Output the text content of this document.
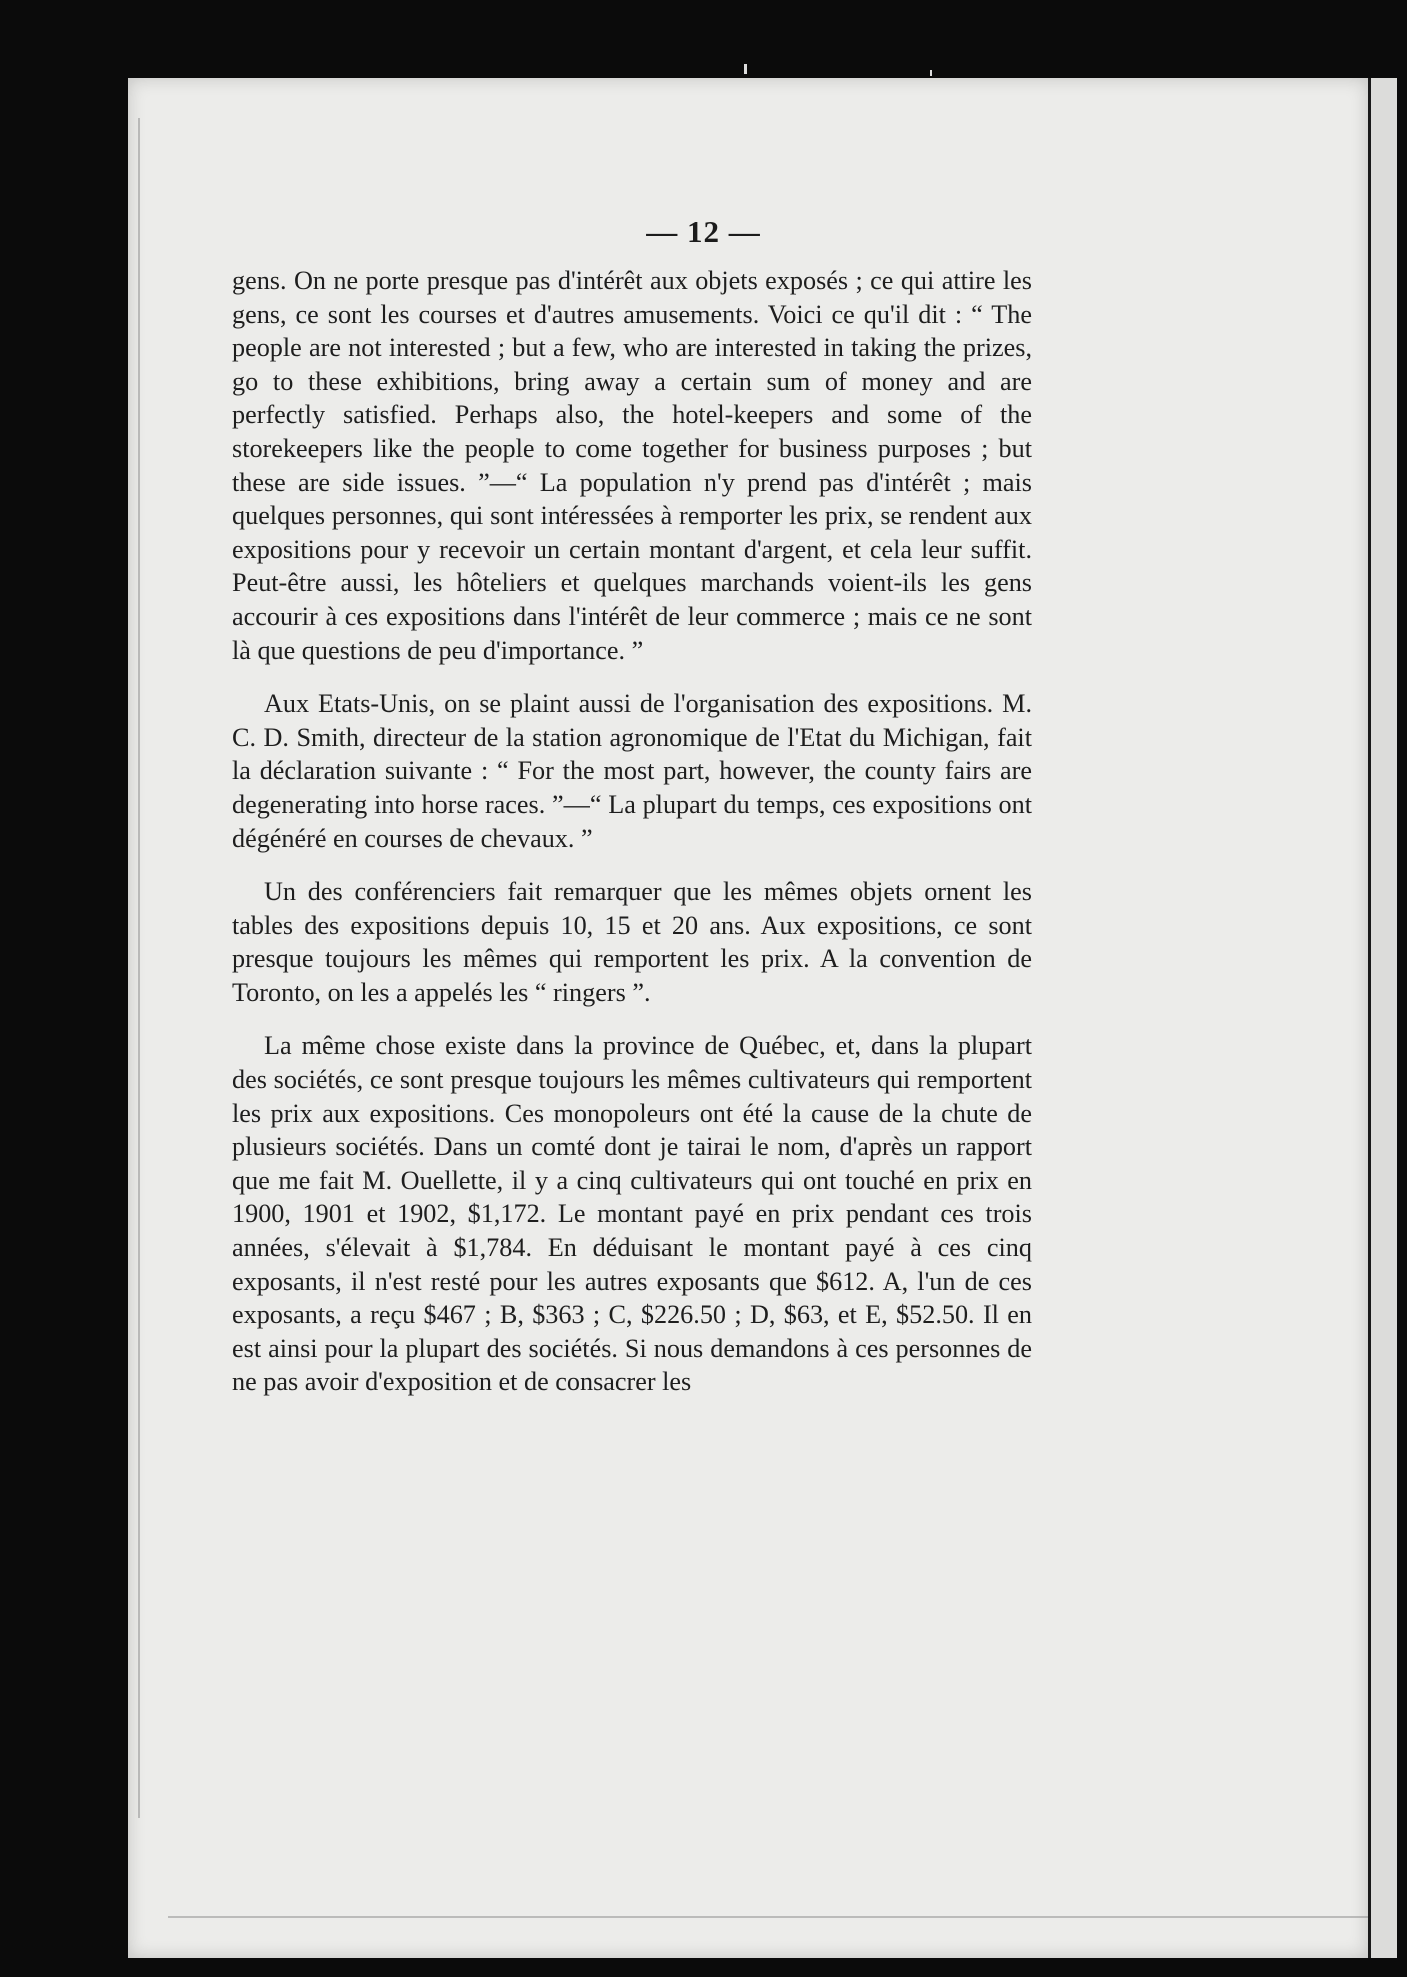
— 12 —

gens. On ne porte presque pas d'intérêt aux objets exposés ; ce qui attire les gens, ce sont les courses et d'autres amusements. Voici ce qu'il dit : “ The people are not interested ; but a few, who are interested in taking the prizes, go to these exhibitions, bring away a certain sum of money and are perfectly satisfied. Perhaps also, the hotel-keepers and some of the storekeepers like the people to come together for business purposes ; but these are side issues. ”—“ La population n'y prend pas d'intérêt ; mais quelques personnes, qui sont intéressées à remporter les prix, se rendent aux expositions pour y recevoir un certain montant d'argent, et cela leur suffit. Peut-être aussi, les hôteliers et quelques marchands voient-ils les gens accourir à ces expositions dans l'intérêt de leur commerce ; mais ce ne sont là que questions de peu d'importance. ”

Aux Etats-Unis, on se plaint aussi de l'organisation des expositions. M. C. D. Smith, directeur de la station agronomique de l'Etat du Michigan, fait la déclaration suivante : “ For the most part, however, the county fairs are degenerating into horse races. ”—“ La plupart du temps, ces expositions ont dégénéré en courses de chevaux. ”

Un des conférenciers fait remarquer que les mêmes objets ornent les tables des expositions depuis 10, 15 et 20 ans. Aux expositions, ce sont presque toujours les mêmes qui remportent les prix. A la convention de Toronto, on les a appelés les “ ringers ”.

La même chose existe dans la province de Québec, et, dans la plupart des sociétés, ce sont presque toujours les mêmes cultivateurs qui remportent les prix aux expositions. Ces monopoleurs ont été la cause de la chute de plusieurs sociétés. Dans un comté dont je tairai le nom, d'après un rapport que me fait M. Ouellette, il y a cinq cultivateurs qui ont touché en prix en 1900, 1901 et 1902, $1,172. Le montant payé en prix pendant ces trois années, s'élevait à $1,784. En déduisant le montant payé à ces cinq exposants, il n'est resté pour les autres exposants que $612. A, l'un de ces exposants, a reçu $467 ; B, $363 ; C, $226.50 ; D, $63, et E, $52.50. Il en est ainsi pour la plupart des sociétés. Si nous demandons à ces personnes de ne pas avoir d'exposition et de consacrer les
